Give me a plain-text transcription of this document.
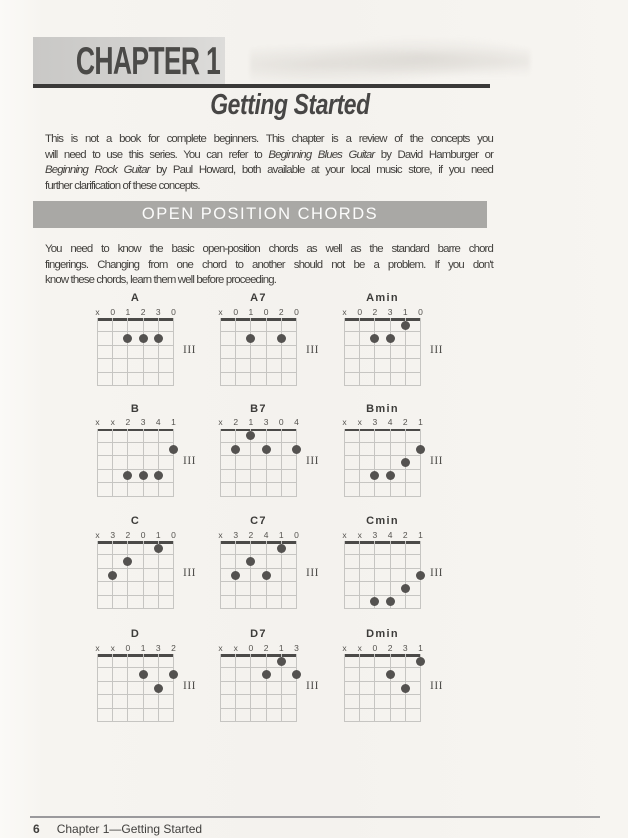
CHAPTER 1
Getting Started
This is not a book for complete beginners. This chapter is a review of the concepts you
will need to use this series. You can refer to Beginning Blues Guitar by David Hamburger or
Beginning Rock Guitar by Paul Howard, both available at your local music store, if you need
further clarification of these concepts.
OPEN POSITION CHORDS
You need to know the basic open-position chords as well as the standard barre chord
fingerings. Changing from one chord to another should not be a problem. If you don't
know these chords, learn them well before proceeding.
A
x	0	1	2	3	0
III
A7
x	0	1	0	2	0
III
Amin
x	0	2	3	1	0
III
B
x	x	2	3	4	1
III
B7
x	2	1	3	0	4
III
Bmin
x	x	3	4	2	1
III
C
x	3	2	0	1	0
III
C7
x	3	2	4	1	0
III
Cmin
x	x	3	4	2	1
III
D
x	x	0	1	3	2
III
D7
x	x	0	2	1	3
III
Dmin
x	x	0	2	3	1
III
6 Chapter 1—Getting Started
